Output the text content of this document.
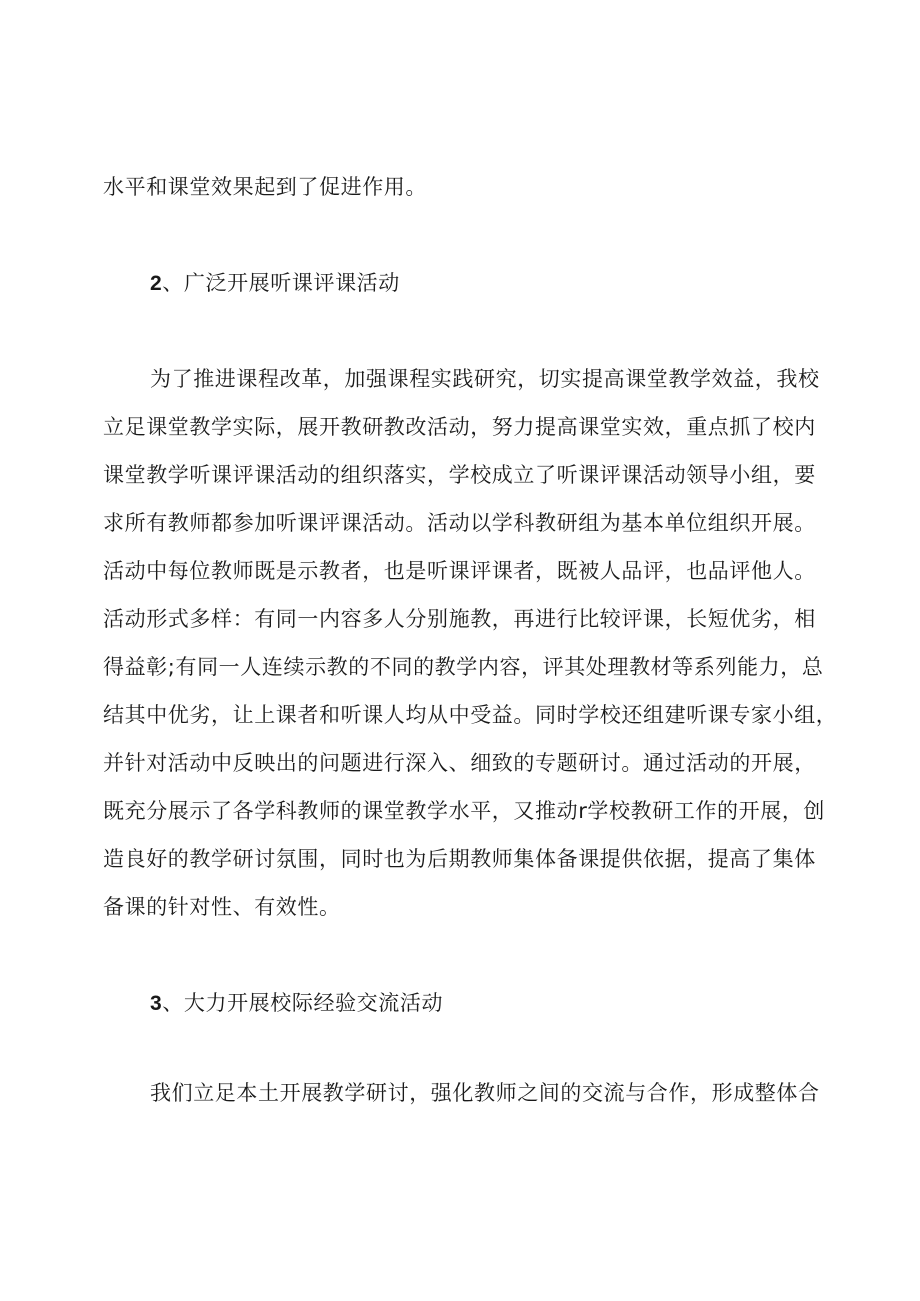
水平和课堂效果起到了促进作用。
2、广泛开展听课评课活动
为了推进课程改革，加强课程实践研究，切实提高课堂教学效益，我校
立足课堂教学实际，展开教研教改活动，努力提高课堂实效，重点抓了校内
课堂教学听课评课活动的组织落实，学校成立了听课评课活动领导小组，要
求所有教师都参加听课评课活动。活动以学科教研组为基本单位组织开展。
活动中每位教师既是示教者，也是听课评课者，既被人品评，也品评他人。
活动形式多样：有同一内容多人分别施教，再进行比较评课，长短优劣，相
得益彰;有同一人连续示教的不同的教学内容，评其处理教材等系列能力，总
结其中优劣，让上课者和听课人均从中受益。同时学校还组建听课专家小组，
并针对活动中反映出的问题进行深入、细致的专题研讨。通过活动的开展，
既充分展示了各学科教师的课堂教学水平，又推动r学校教研工作的开展，创
造良好的教学研讨氛围，同时也为后期教师集体备课提供依据，提高了集体
备课的针对性、有效性。
3、大力开展校际经验交流活动
我们立足本土开展教学研讨，强化教师之间的交流与合作，形成整体合
